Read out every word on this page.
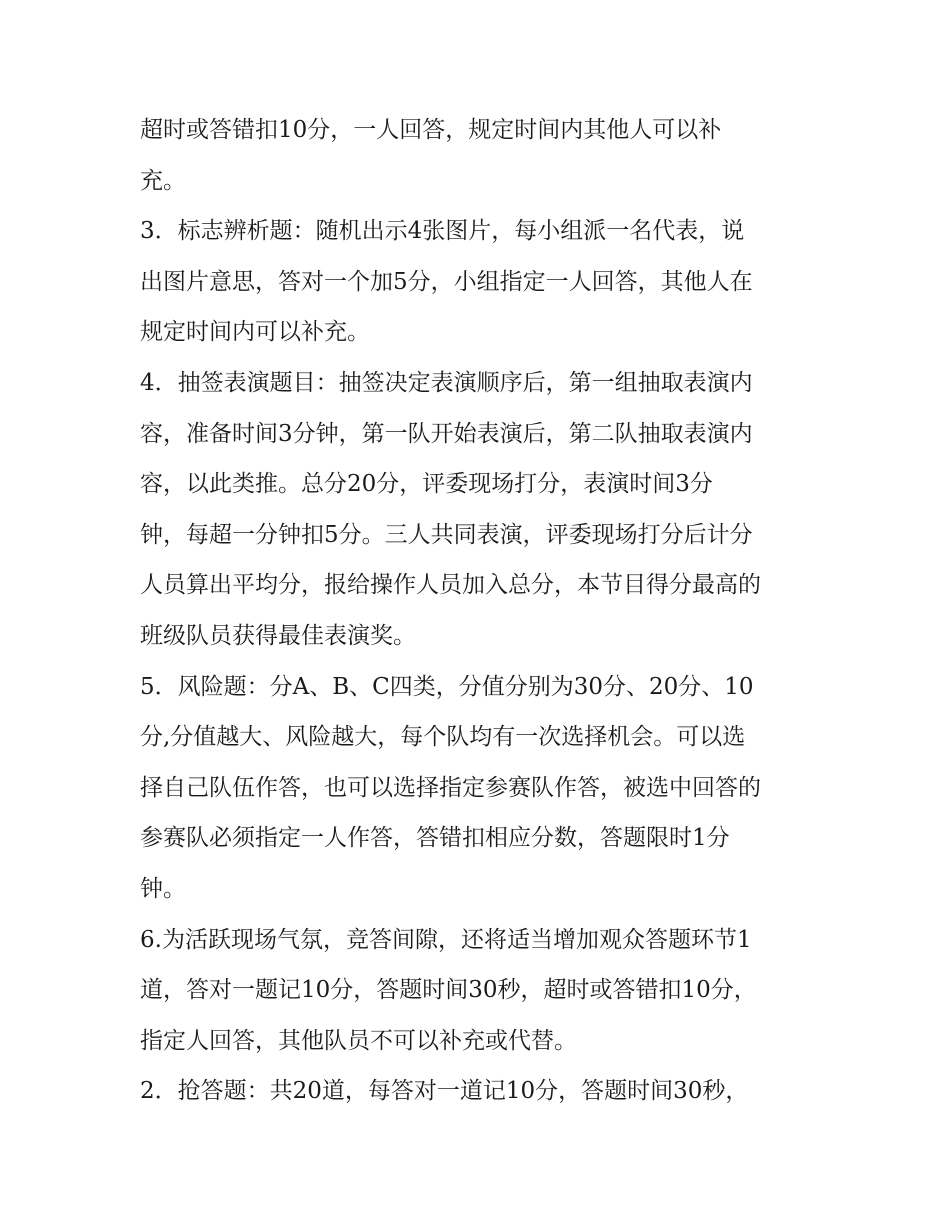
超时或答错扣10分，一人回答，规定时间内其他人可以补
充。
3．标志辨析题：随机出示4张图片，每小组派一名代表，说
出图片意思，答对一个加5分，小组指定一人回答，其他人在
规定时间内可以补充。
4．抽签表演题目：抽签决定表演顺序后，第一组抽取表演内
容，准备时间3分钟，第一队开始表演后，第二队抽取表演内
容，以此类推。总分20分，评委现场打分，表演时间3分
钟，每超一分钟扣5分。三人共同表演，评委现场打分后计分
人员算出平均分，报给操作人员加入总分，本节目得分最高的
班级队员获得最佳表演奖。
5．风险题：分A、B、C四类，分值分别为30分、20分、10
分,分值越大、风险越大，每个队均有一次选择机会。可以选
择自己队伍作答，也可以选择指定参赛队作答，被选中回答的
参赛队必须指定一人作答，答错扣相应分数，答题限时1分
钟。
6.为活跃现场气氛，竞答间隙，还将适当增加观众答题环节1
道，答对一题记10分，答题时间30秒，超时或答错扣10分，
指定人回答，其他队员不可以补充或代替。
2．抢答题：共20道，每答对一道记10分，答题时间30秒，
